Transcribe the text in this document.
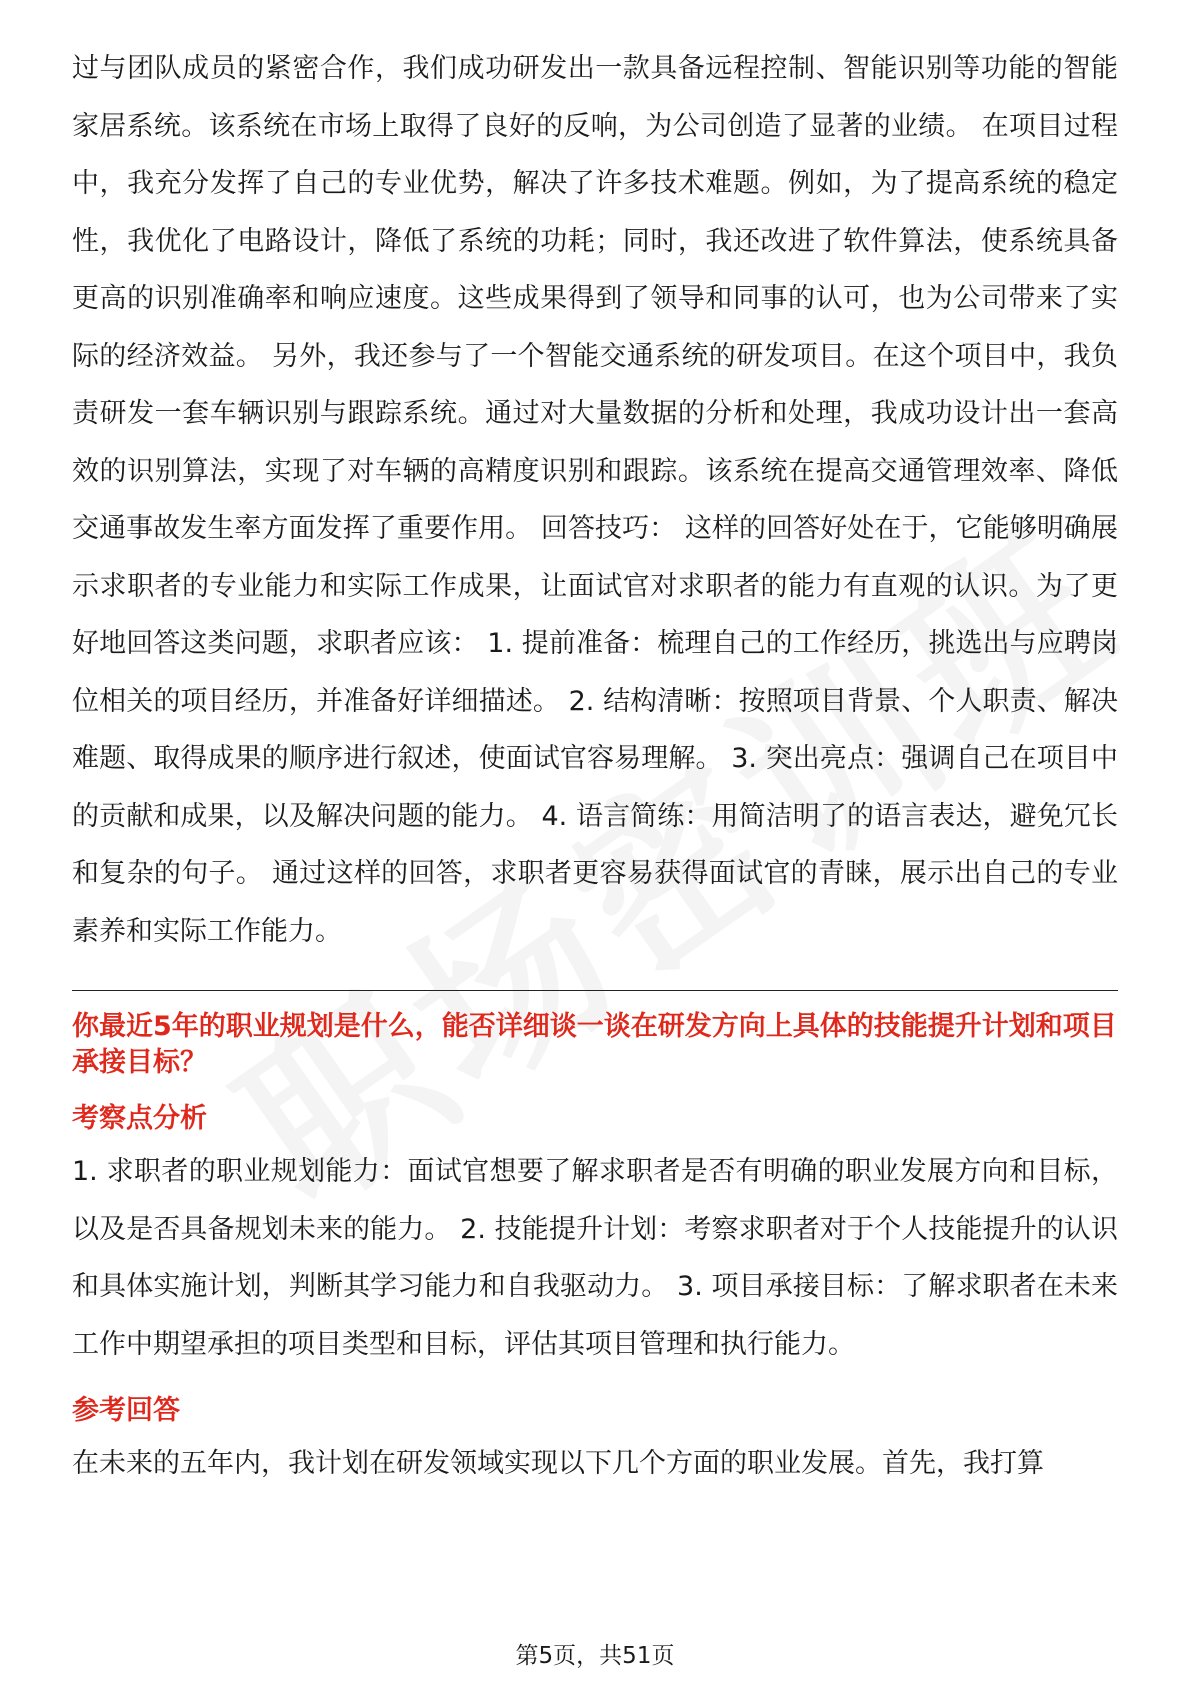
过与团队成员的紧密合作，我们成功研发出一款具备远程控制、智能识别等功能的智能家居系统。该系统在市场上取得了良好的反响，为公司创造了显著的业绩。 在项目过程中，我充分发挥了自己的专业优势，解决了许多技术难题。例如，为了提高系统的稳定性，我优化了电路设计，降低了系统的功耗；同时，我还改进了软件算法，使系统具备更高的识别准确率和响应速度。这些成果得到了领导和同事的认可，也为公司带来了实际的经济效益。 另外，我还参与了一个智能交通系统的研发项目。在这个项目中，我负责研发一套车辆识别与跟踪系统。通过对大量数据的分析和处理，我成功设计出一套高效的识别算法，实现了对车辆的高精度识别和跟踪。该系统在提高交通管理效率、降低交通事故发生率方面发挥了重要作用。 回答技巧： 这样的回答好处在于，它能够明确展示求职者的专业能力和实际工作成果，让面试官对求职者的能力有直观的认识。为了更好地回答这类问题，求职者应该： 1. 提前准备：梳理自己的工作经历，挑选出与应聘岗位相关的项目经历，并准备好详细描述。 2. 结构清晰：按照项目背景、个人职责、解决难题、取得成果的顺序进行叙述，使面试官容易理解。 3. 突出亮点：强调自己在项目中的贡献和成果，以及解决问题的能力。 4. 语言简练：用简洁明了的语言表达，避免冗长和复杂的句子。 通过这样的回答，求职者更容易获得面试官的青睐，展示出自己的专业素养和实际工作能力。

你最近5年的职业规划是什么，能否详细谈一谈在研发方向上具体的技能提升计划和项目承接目标？

考察点分析

1. 求职者的职业规划能力：面试官想要了解求职者是否有明确的职业发展方向和目标，以及是否具备规划未来的能力。 2. 技能提升计划：考察求职者对于个人技能提升的认识和具体实施计划，判断其学习能力和自我驱动力。 3. 项目承接目标：了解求职者在未来工作中期望承担的项目类型和目标，评估其项目管理和执行能力。

参考回答

在未来的五年内，我计划在研发领域实现以下几个方面的职业发展。首先，我打算

第5页，共51页
